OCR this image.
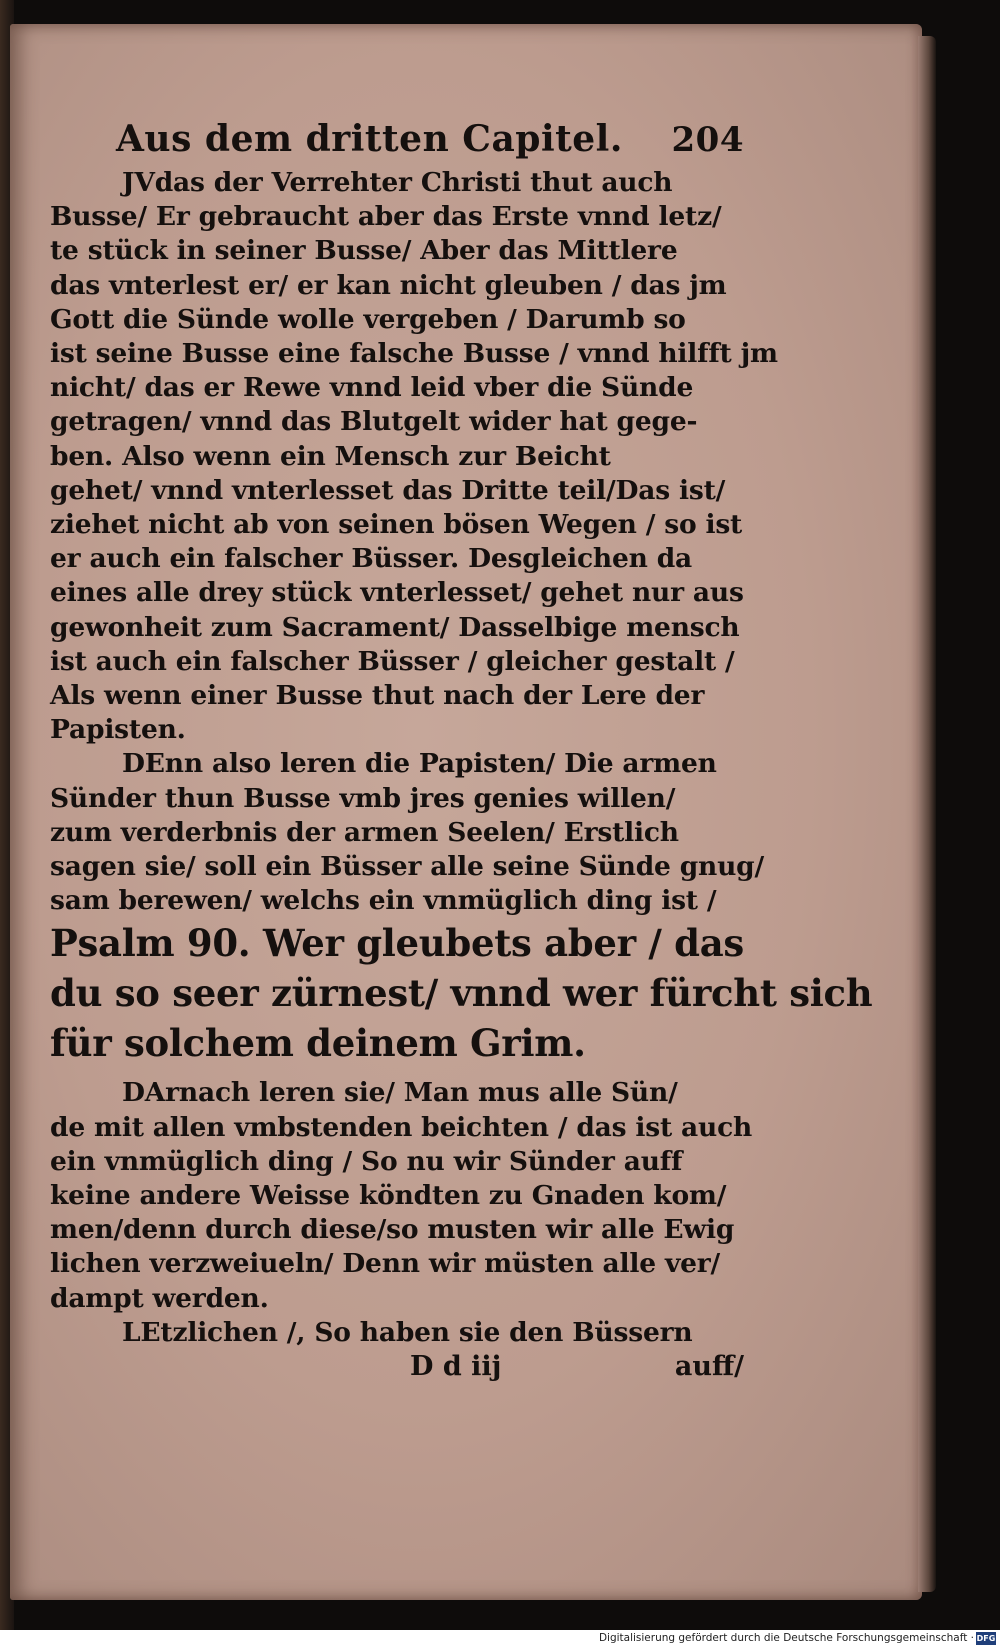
Aus dem dritten Capitel. 204
JVdas der Verrehter Christi thut auch
Busse/ Er gebraucht aber das Erste vnnd letz/
te stück in seiner Busse/ Aber das Mittlere
das vnterlest er/ er kan nicht gleuben / das jm
Gott die Sünde wolle vergeben / Darumb so
ist seine Busse eine falsche Busse / vnnd hilfft jm
nicht/ das er Rewe vnnd leid vber die Sünde
getragen/ vnnd das Blutgelt wider hat gege-
ben. Also wenn ein Mensch zur Beicht
gehet/ vnnd vnterlesset das Dritte teil/Das ist/
ziehet nicht ab von seinen bösen Wegen / so ist
er auch ein falscher Büsser. Desgleichen da
eines alle drey stück vnterlesset/ gehet nur aus
gewonheit zum Sacrament/ Dasselbige mensch
ist auch ein falscher Büsser / gleicher gestalt /
Als wenn einer Busse thut nach der Lere der
Papisten.
DEnn also leren die Papisten/ Die armen
Sünder thun Busse vmb jres genies willen/
zum verderbnis der armen Seelen/ Erstlich
sagen sie/ soll ein Büsser alle seine Sünde gnug/
sam berewen/ welchs ein vnmüglich ding ist /
Psalm 90. Wer gleubets aber / das
du so seer zürnest/ vnnd wer fürcht sich
für solchem deinem Grim.
DArnach leren sie/ Man mus alle Sün/
de mit allen vmbstenden beichten / das ist auch
ein vnmüglich ding / So nu wir Sünder auff
keine andere Weisse köndten zu Gnaden kom/
men/denn durch diese/so musten wir alle Ewig
lichen verzweiueln/ Denn wir müsten alle ver/
dampt werden.
LEtzlichen /, So haben sie den Büssern
D d iij	auff/
Digitalisierung gefördert durch die Deutsche Forschungsgemeinschaft · DFG
